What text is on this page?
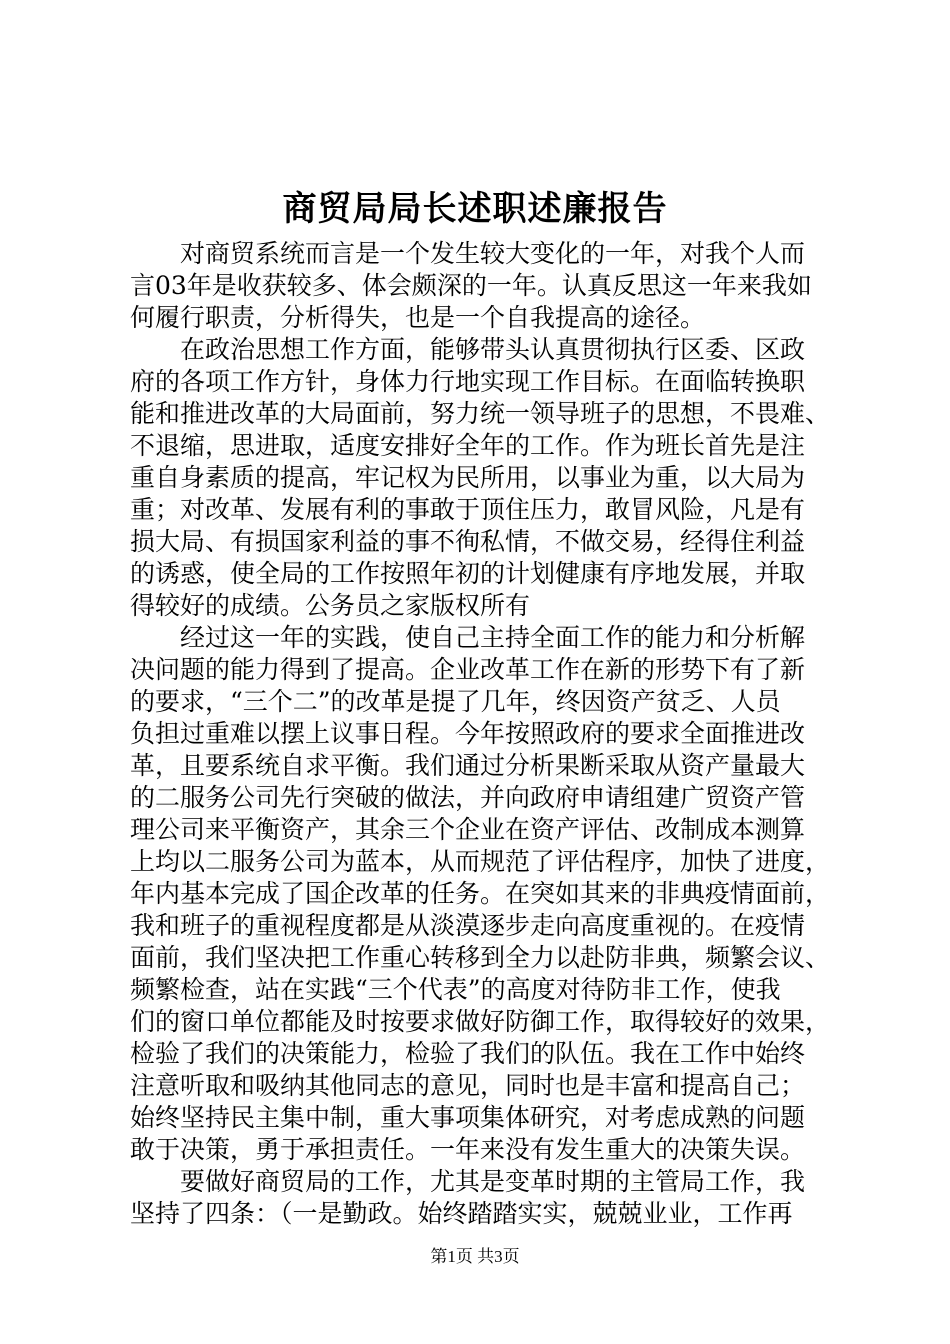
商贸局局长述职述廉报告

对商贸系统而言是一个发生较大变化的一年，对我个人而
言03年是收获较多、体会颇深的一年。认真反思这一年来我如
何履行职责，分析得失，也是一个自我提高的途径。

在政治思想工作方面，能够带头认真贯彻执行区委、区政
府的各项工作方针，身体力行地实现工作目标。在面临转换职
能和推进改革的大局面前，努力统一领导班子的思想，不畏难、
不退缩，思进取，适度安排好全年的工作。作为班长首先是注
重自身素质的提高，牢记权为民所用，以事业为重，以大局为
重；对改革、发展有利的事敢于顶住压力，敢冒风险，凡是有
损大局、有损国家利益的事不徇私情，不做交易，经得住利益
的诱惑，使全局的工作按照年初的计划健康有序地发展，并取
得较好的成绩。公务员之家版权所有

经过这一年的实践，使自己主持全面工作的能力和分析解
决问题的能力得到了提高。企业改革工作在新的形势下有了新
的要求，“三个二”的改革是提了几年，终因资产贫乏、人员
负担过重难以摆上议事日程。今年按照政府的要求全面推进改
革，且要系统自求平衡。我们通过分析果断采取从资产量最大
的二服务公司先行突破的做法，并向政府申请组建广贸资产管
理公司来平衡资产，其余三个企业在资产评估、改制成本测算
上均以二服务公司为蓝本，从而规范了评估程序，加快了进度，
年内基本完成了国企改革的任务。在突如其来的非典疫情面前，
我和班子的重视程度都是从淡漠逐步走向高度重视的。在疫情
面前，我们坚决把工作重心转移到全力以赴防非典，频繁会议、
频繁检查，站在实践“三个代表”的高度对待防非工作，使我
们的窗口单位都能及时按要求做好防御工作，取得较好的效果，
检验了我们的决策能力，检验了我们的队伍。我在工作中始终
注意听取和吸纳其他同志的意见，同时也是丰富和提高自己；
始终坚持民主集中制，重大事项集体研究，对考虑成熟的问题
敢于决策，勇于承担责任。一年来没有发生重大的决策失误。

要做好商贸局的工作，尤其是变革时期的主管局工作，我
坚持了四条：（一是勤政。始终踏踏实实，兢兢业业，工作再

第1页 共3页
